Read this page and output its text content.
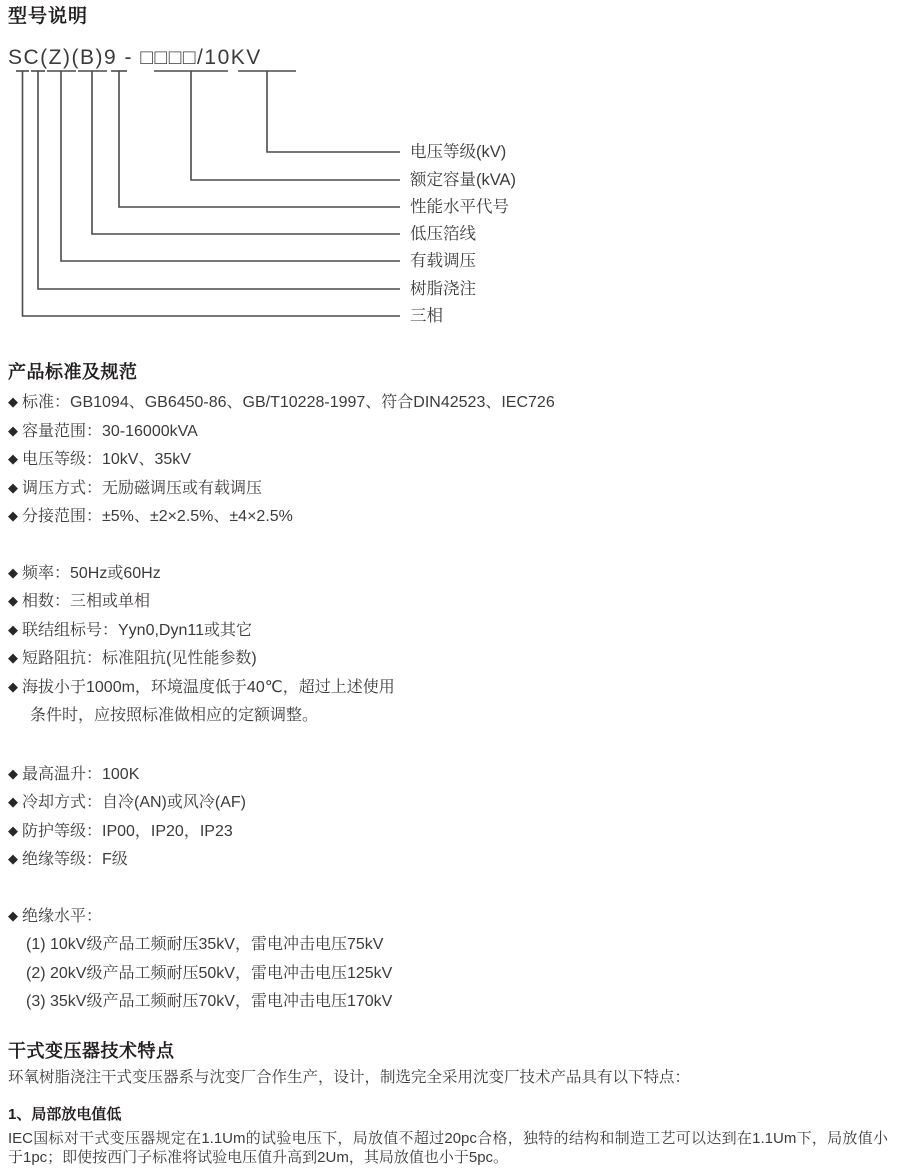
型号说明
SC(Z)(B)9 - □□□□/10KV
电压等级(kV)
额定容量(kVA)
性能水平代号
低压箔线
有载调压
树脂浇注
三相
产品标准及规范
◆ 标准：GB1094、GB6450-86、GB/T10228-1997、符合DIN42523、IEC726
◆ 容量范围：30-16000kVA
◆ 电压等级：10kV、35kV
◆ 调压方式：无励磁调压或有载调压
◆ 分接范围：±5%、±2×2.5%、±4×2.5%
◆ 频率：50Hz或60Hz
◆ 相数：三相或单相
◆ 联结组标号：Yyn0,Dyn11或其它
◆ 短路阻抗：标准阻抗(见性能参数)
◆ 海拔小于1000m，环境温度低于40℃，超过上述使用
条件时，应按照标准做相应的定额调整。
◆ 最高温升：100K
◆ 冷却方式：自冷(AN)或风冷(AF)
◆ 防护等级：IP00，IP20，IP23
◆ 绝缘等级：F级
◆ 绝缘水平：
(1) 10kV级产品工频耐压35kV，雷电冲击电压75kV
(2) 20kV级产品工频耐压50kV，雷电冲击电压125kV
(3) 35kV级产品工频耐压70kV，雷电冲击电压170kV
干式变压器技术特点

环氧树脂浇注干式变压器系与沈变厂合作生产，设计，制选完全采用沈变厂技术产品具有以下特点：

1、局部放电值低

IEC国标对干式变压器规定在1.1Um的试验电压下，局放值不超过20pc合格，独特的结构和制造工艺可以达到在1.1Um下，局放值小于1pc；即使按西门子标准将试验电压值升高到2Um，其局放值也小于5pc。
